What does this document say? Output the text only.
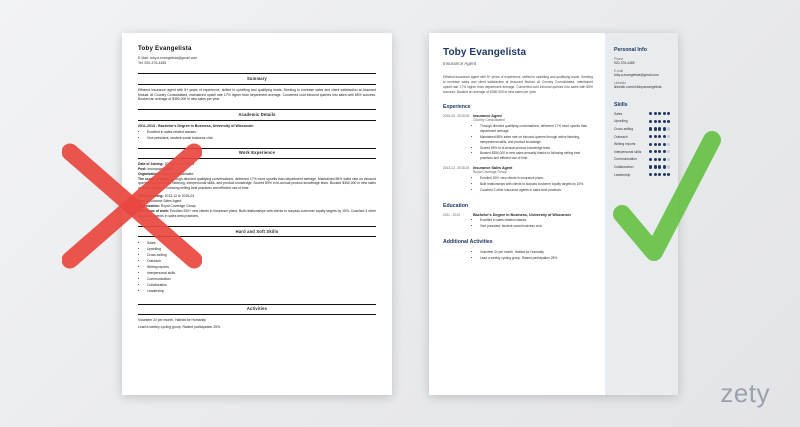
Toby Evangelista
E-Mail: toby.a.evangelista@gmail.com
Tel: 920-376-4485
Summary

Efficient insurance agent with 5+ years of experience, skilled in upselling and qualifying leads. Seeking to increase sales and client satisfaction at Assurant Mutual. At Country Consolidated, maintained upsell rate 17% higher than department average. Converted cold inbound queries into sales with 85% success. Booked an average of $350,000 in new sales per year.

Academic Details
2011-2013 - Bachelor's Degree in Business, University of Wisconsin
• Excelled in sales-related classes.
• Vice president, student social business club.
Work Experience

Date of Joining: 2015-03 to 2019-05

Post: Insurance Agent

Organization: Country Consolidated

The scope of work: Through directed qualifying conversations, delivered 17% more upsells than department average. Maintained 88% sales rate on inbound queries through active listening, interpersonal skills, and product knowledge. Scored 89% in bi-annual product knowledge tests. Booked $350,000 in new sales annually thanks to following selling best practices and efficient use of time.

Date of Joining: 2013-12 to 2015-03

Post: Insurance Sales Agent

Organization: Royal Coverage Group

The scope of work: Enrolled 200+ new clients in insurance plans. Built relationships with clients to surpass customer loyalty targets by 15%. Coached 3 other insurance agents in sales best practices.

Hard and Soft Skills
• Sales
• Upselling
• Cross-selling
• Outreach
• Writing reports
• Interpersonal skills
• Communication
• Collaboration
• Leadership
Activities

Volunteer 2x per month, Habitat for Humanity

Lead a weekly cycling group. Raised participation 25%.

Toby Evangelista
Insurance Agent
Efficient insurance agent with 5+ years of experience, skilled in upselling and qualifying leads. Seeking to increase sales and client satisfaction at Assurant Mutual. At Country Consolidated, maintained upsell rate 17% higher than department average. Converted cold inbound queries into sales with 85% success. Booked an average of $350,000 in new sales per year.
Experience
2015-03 - 2019-05	Insurance Agent
Country Consolidated
• Through directed qualifying conversations, delivered 17% more upsells than department average.
• Maintained 88% sales rate on inbound queries through active listening, interpersonal skills, and product knowledge.
• Scored 89% in bi-annual product knowledge tests.
• Booked $350,000 in new sales annually thanks to following selling best practices and efficient use of time.
2013-12 - 2015-03	Insurance Sales Agent
Royal Coverage Group
• Enrolled 200+ new clients in insurance plans.
• Built relationships with clients to surpass customer loyalty targets by 15%.
• Coached 3 other insurance agents in sales best practices.
Education
2011 - 2013	Bachelor's Degree in Business, University of Wisconsin
• Excelled in sales-related classes.
• Vice president, student social business club.
Additional Activities
• Volunteer 2x per month, Habitat for Humanity
• Lead a weekly cycling group. Raised participation 25%.
Personal Info
Phone
920-376-4485
E-mail
toby.a.evangelista@gmail.com
LinkedIn
linkedin.com/in/tobyaevangelista
Skills
Sales
Upselling
Cross-selling
Outreach
Writing reports
Interpersonal skills
Communication
Collaboration
Leadership
zety
